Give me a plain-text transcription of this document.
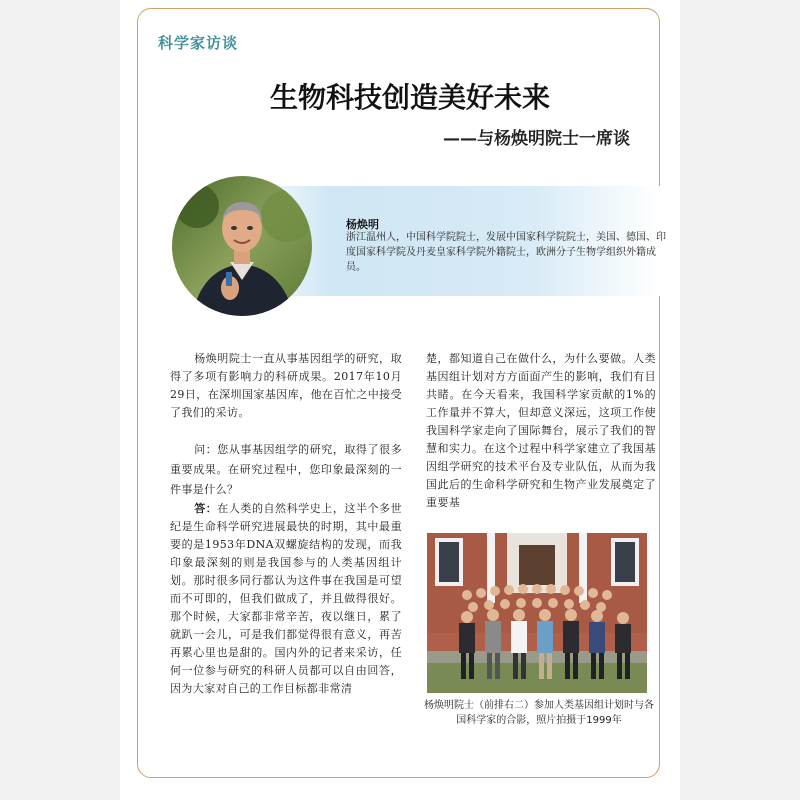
科学家访谈
生物科技创造美好未来
——与杨焕明院士一席谈
杨焕明
浙江温州人，中国科学院院士，发展中国家科学院院士，美国、德国、印度国家科学院及丹麦皇家科学院外籍院士，欧洲分子生物学组织外籍成员。

杨焕明院士一直从事基因组学的研究，取得了多项有影响力的科研成果。2017年10月29日，在深圳国家基因库，他在百忙之中接受了我们的采访。

问：您从事基因组学的研究，取得了很多重要成果。在研究过程中，您印象最深刻的一件事是什么？

答：在人类的自然科学史上，这半个多世纪是生命科学研究进展最快的时期，其中最重要的是1953年DNA双螺旋结构的发现，而我印象最深刻的则是我国参与的人类基因组计划。那时很多同行都认为这件事在我国是可望而不可即的，但我们做成了，并且做得很好。那个时候，大家都非常辛苦，夜以继日，累了就趴一会儿，可是我们都觉得很有意义，再苦再累心里也是甜的。国内外的记者来采访，任何一位参与研究的科研人员都可以自由回答，因为大家对自己的工作目标都非常清

楚，都知道自己在做什么，为什么要做。人类基因组计划对方方面面产生的影响，我们有目共睹。在今天看来，我国科学家贡献的1%的工作量并不算大，但却意义深远，这项工作使我国科学家走向了国际舞台，展示了我们的智慧和实力。在这个过程中科学家建立了我国基因组学研究的技术平台及专业队伍，从而为我国此后的生命科学研究和生物产业发展奠定了重要基

杨焕明院士（前排右二）参加人类基因组计划时与各国科学家的合影，照片拍摄于1999年
